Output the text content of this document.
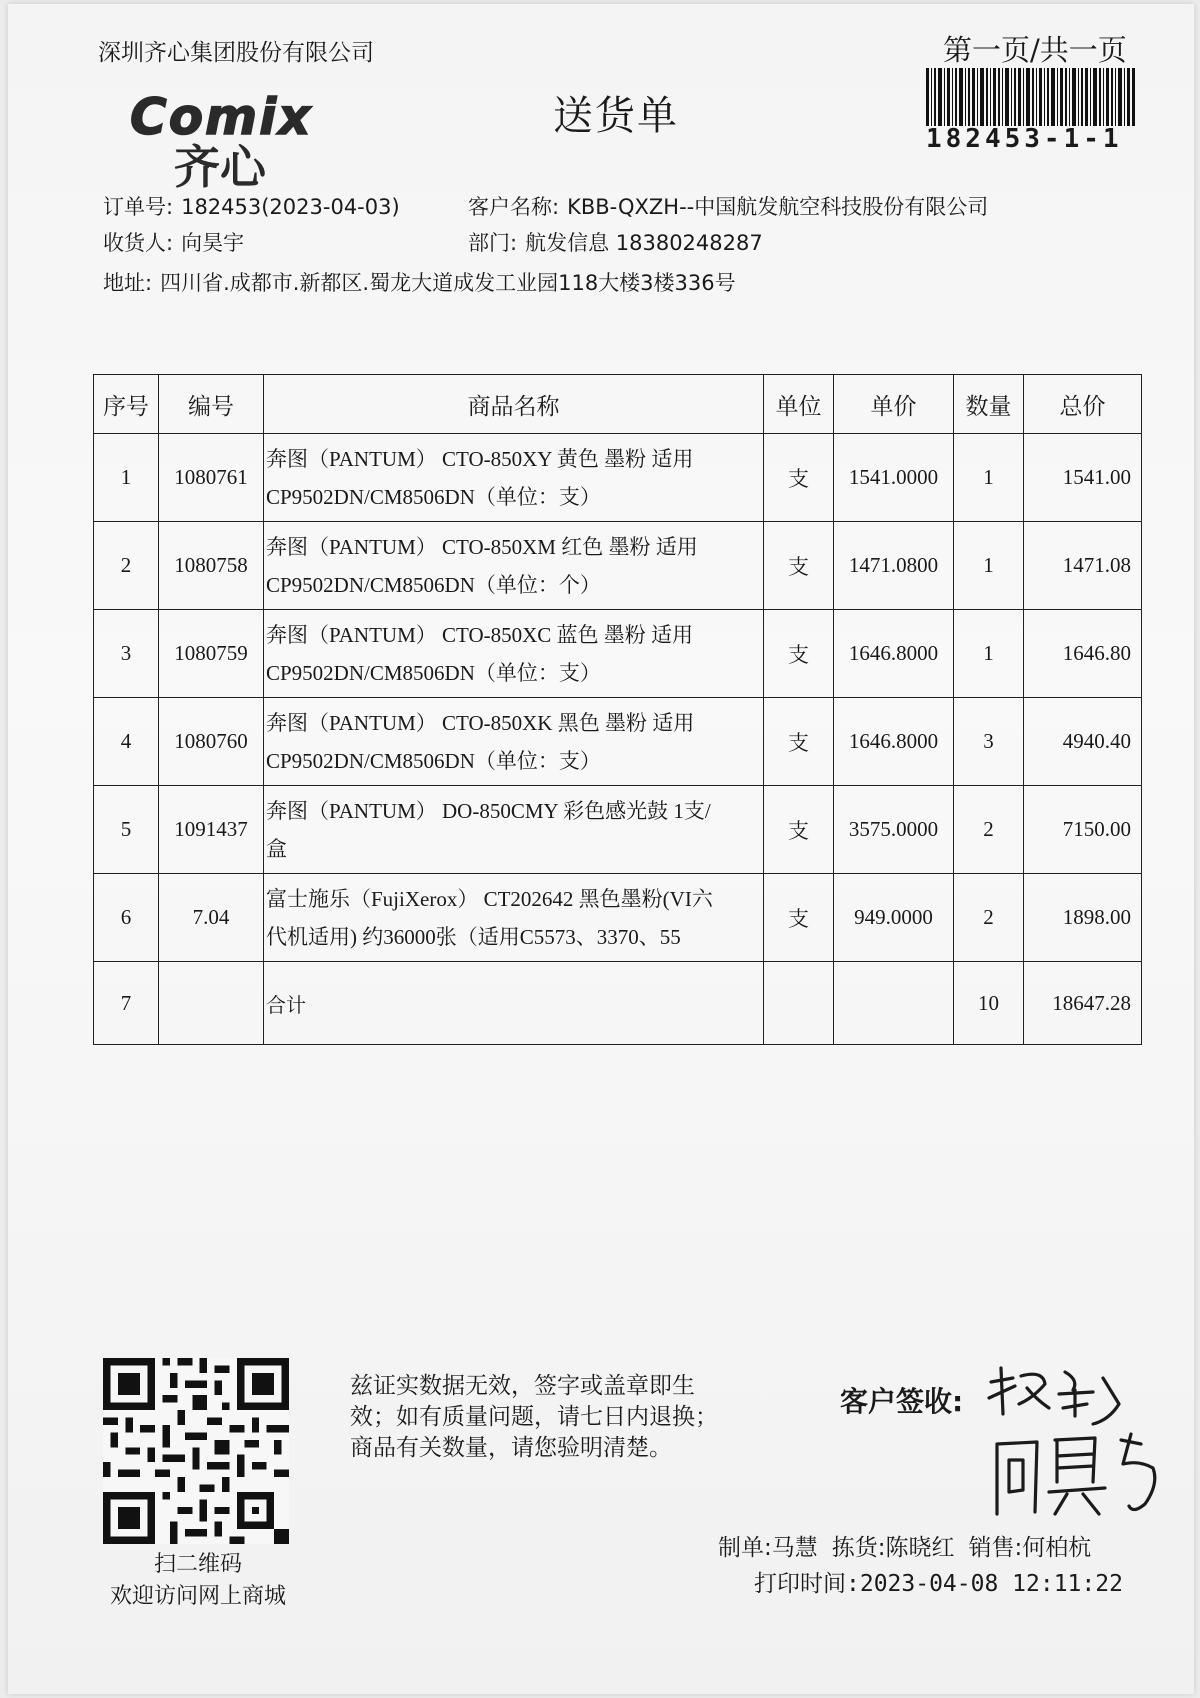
深圳齐心集团股份有限公司	第一页/共一页
182453-1-1
Comix
齐心
送货单
订单号: 182453(2023-04-03)	客户名称: KBB-QXZH--中国航发航空科技股份有限公司
收货人: 向昊宇	部门: 航发信息 18380248287
地址: 四川省.成都市.新都区.蜀龙大道成发工业园118大楼3楼336号
序号	编号	商品名称	单位	单价	数量	总价
1	1080761	奔图（PANTUM） CTO-850XY 黄色 墨粉 适用
CP9502DN/CM8506DN（单位：支）	支	1541.0000	1	1541.00
2	1080758	奔图（PANTUM） CTO-850XM 红色 墨粉 适用
CP9502DN/CM8506DN（单位：个）	支	1471.0800	1	1471.08
3	1080759	奔图（PANTUM） CTO-850XC 蓝色 墨粉 适用
CP9502DN/CM8506DN（单位：支）	支	1646.8000	1	1646.80
4	1080760	奔图（PANTUM） CTO-850XK 黑色 墨粉 适用
CP9502DN/CM8506DN（单位：支）	支	1646.8000	3	4940.40
5	1091437	奔图（PANTUM） DO-850CMY 彩色感光鼓 1支/
盒	支	3575.0000	2	7150.00
6	7.04	富士施乐（FujiXerox） CT202642 黑色墨粉(VI六
代机适用) 约36000张（适用C5573、3370、55	支	949.0000	2	1898.00
7		合计			10	18647.28
扫二维码
欢迎访问网上商城
兹证实数据无效，签字或盖章即生
效；如有质量问题，请七日内退换；
商品有关数量，请您验明清楚。
客户签收:
制单:马慧 拣货:陈晓红 销售:何柏杭
打印时间:2023-04-08 12:11:22
